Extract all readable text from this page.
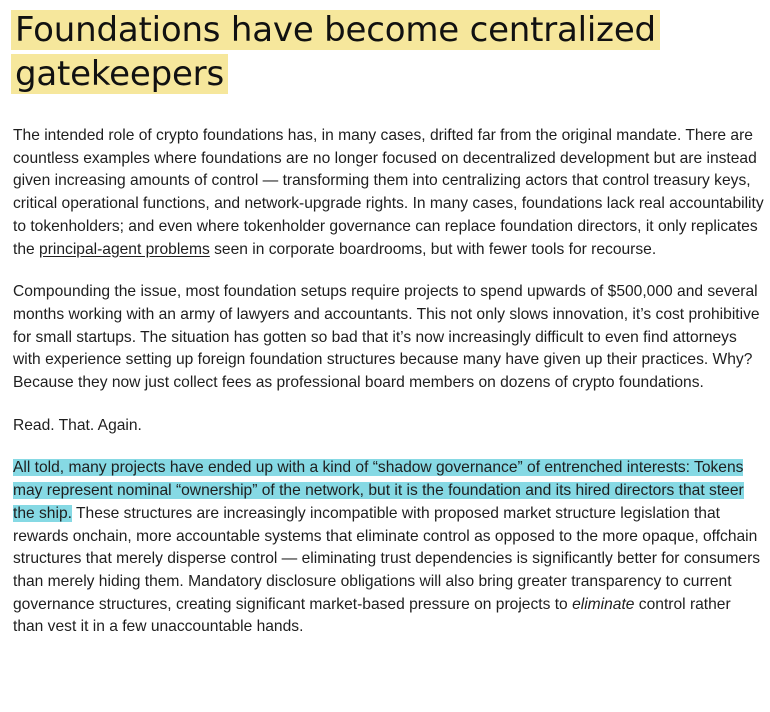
Foundations have become centralized gatekeepers

The intended role of crypto foundations has, in many cases, drifted far from the original mandate. There are countless examples where foundations are no longer focused on decentralized development but are instead given increasing amounts of control — transforming them into centralizing actors that control treasury keys, critical operational functions, and network-upgrade rights. In many cases, foundations lack real accountability to tokenholders; and even where tokenholder governance can replace foundation directors, it only replicates the principal-agent problems seen in corporate boardrooms, but with fewer tools for recourse.

Compounding the issue, most foundation setups require projects to spend upwards of $500,000 and several months working with an army of lawyers and accountants. This not only slows innovation, it’s cost prohibitive for small startups. The situation has gotten so bad that it’s now increasingly difficult to even find attorneys with experience setting up foreign foundation structures because many have given up their practices. Why? Because they now just collect fees as professional board members on dozens of crypto foundations.

Read. That. Again.

All told, many projects have ended up with a kind of “shadow governance” of entrenched interests: Tokens may represent nominal “ownership” of the network, but it is the foundation and its hired directors that steer the ship. These structures are increasingly incompatible with proposed market structure legislation that rewards onchain, more accountable systems that eliminate control as opposed to the more opaque, offchain structures that merely disperse control — eliminating trust dependencies is significantly better for consumers than merely hiding them. Mandatory disclosure obligations will also bring greater transparency to current governance structures, creating significant market-based pressure on projects to eliminate control rather than vest it in a few unaccountable hands.
